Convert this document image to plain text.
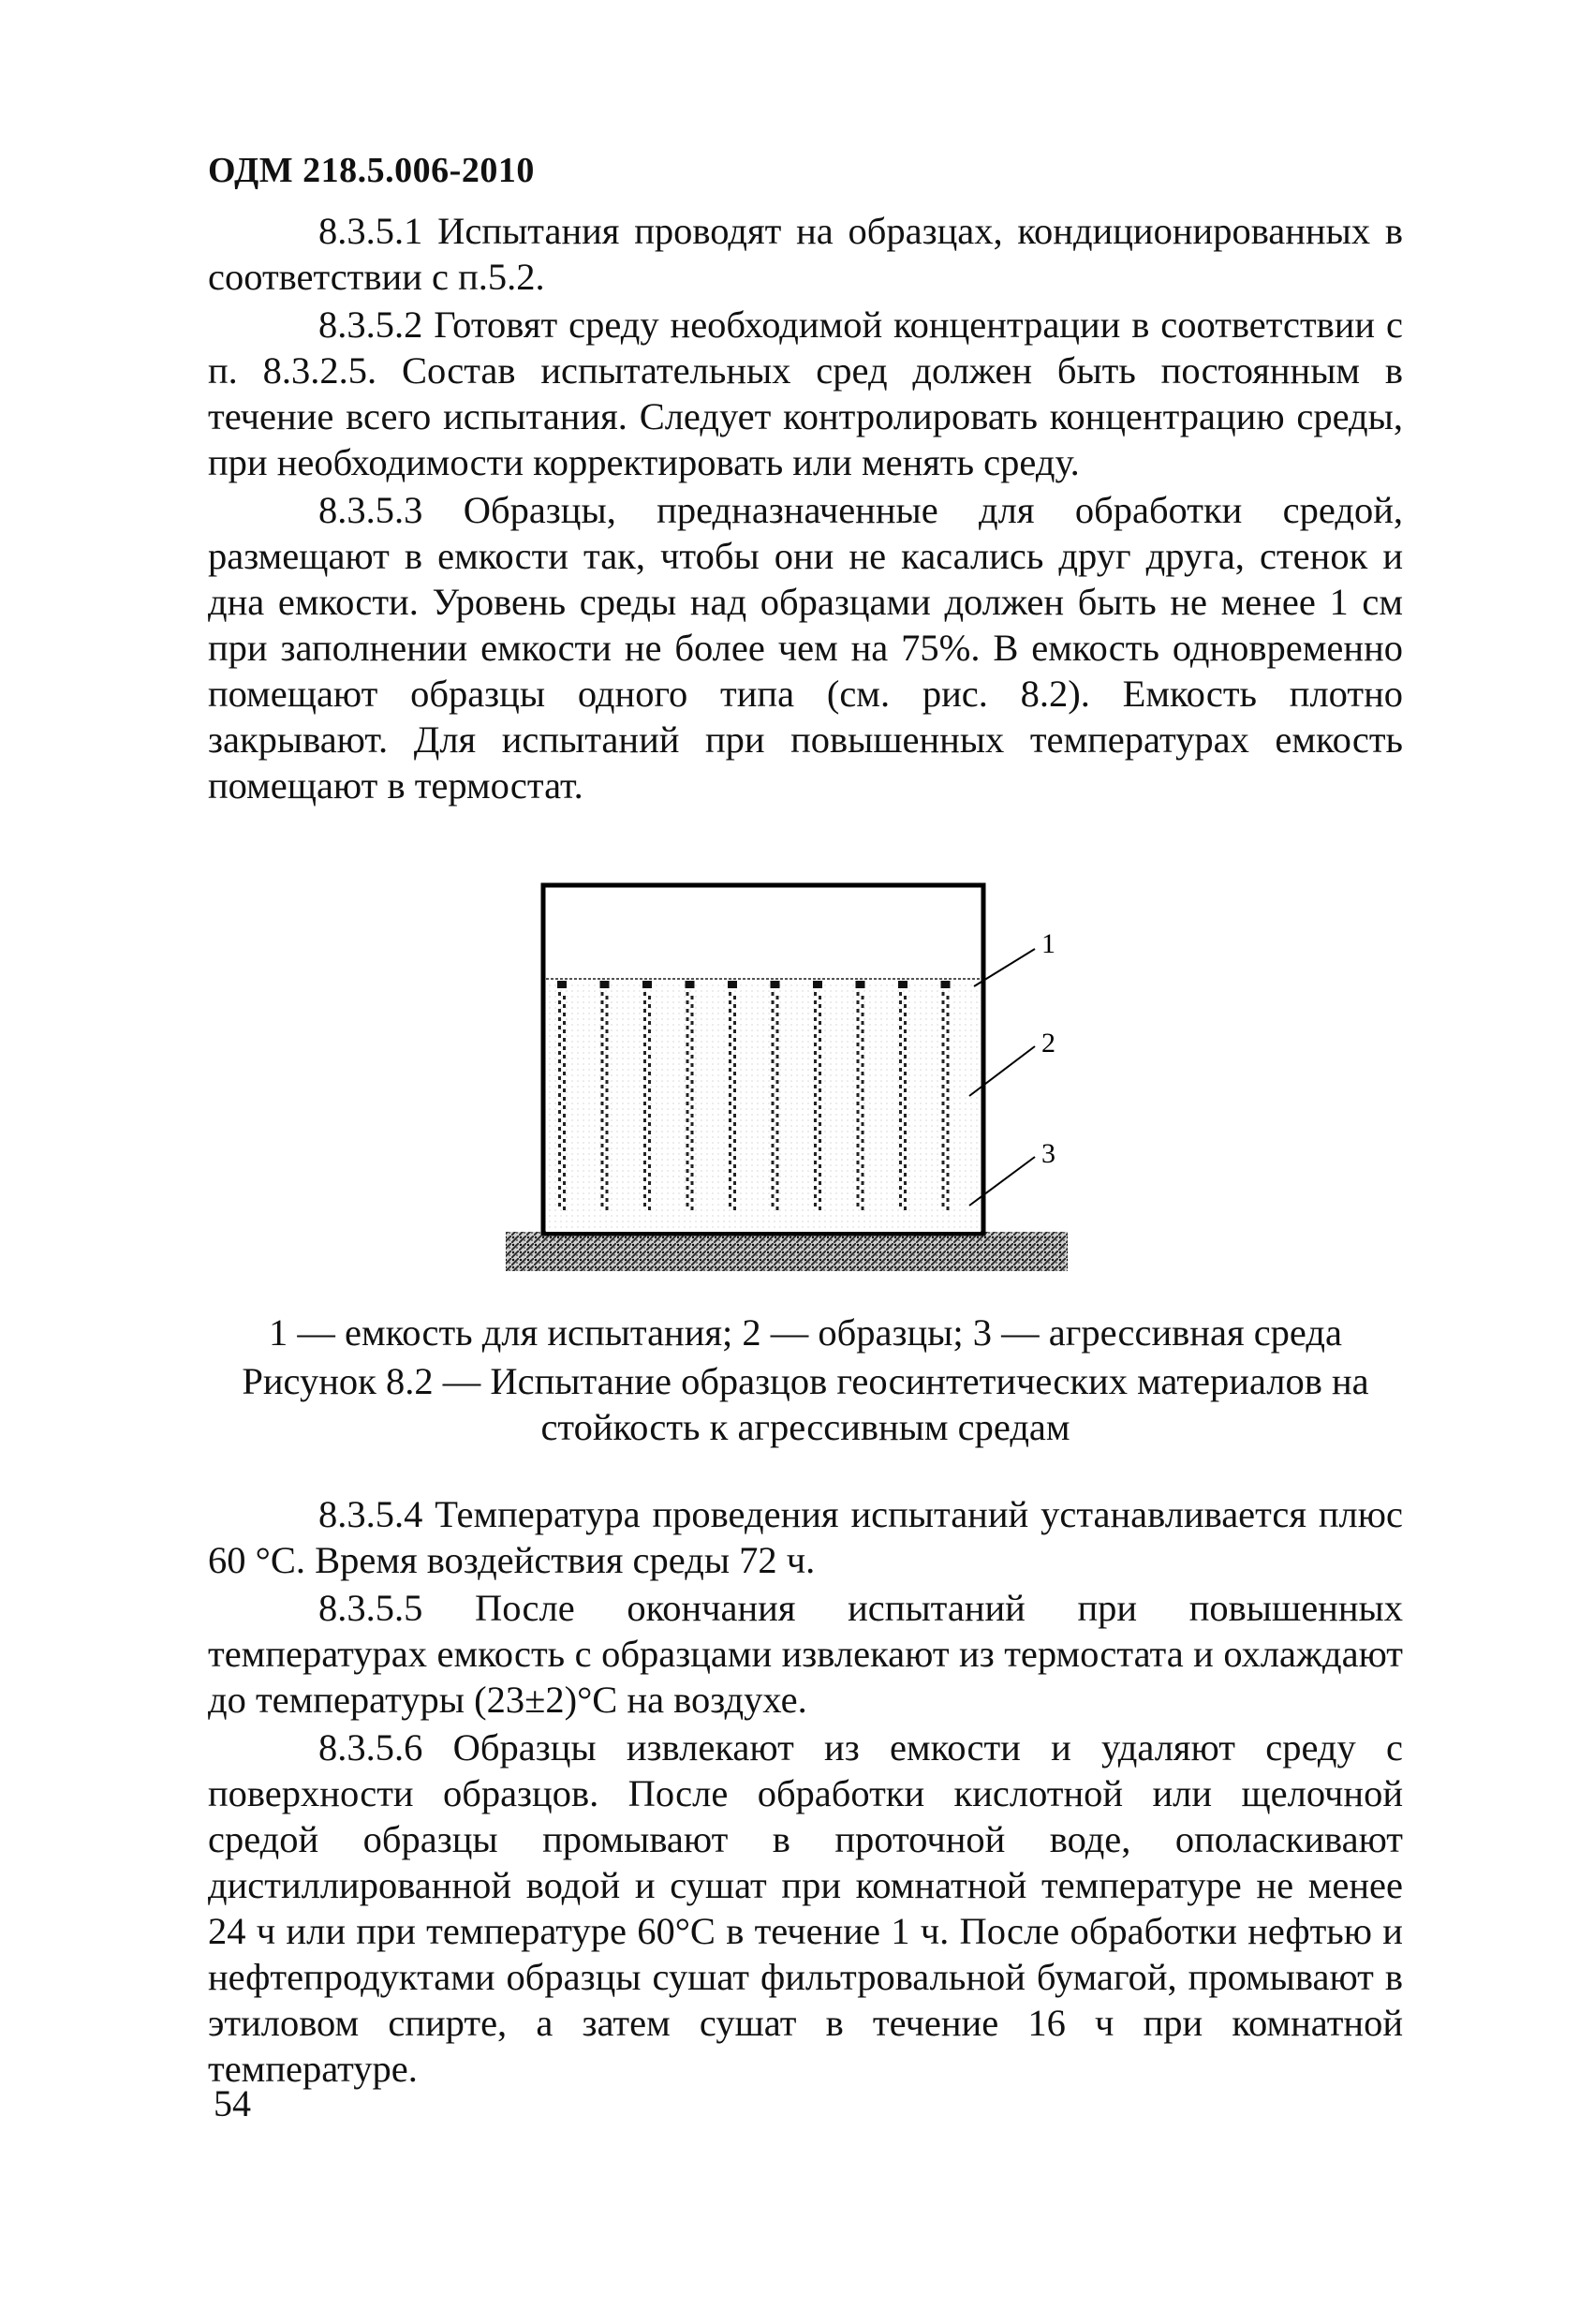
ОДМ 218.5.006-2010

8.3.5.1 Испытания проводят на образцах, кондиционированных в соответствии с п.5.2.

8.3.5.2 Готовят среду необходимой концентрации в соответствии с п. 8.3.2.5. Состав испытательных сред должен быть постоянным в течение всего испытания. Следует контролировать концентрацию среды, при необходимости корректировать или менять среду.

8.3.5.3 Образцы, предназначенные для обработки средой, размещают в емкости так, чтобы они не касались друг друга, стенок и дна емкости. Уровень среды над образцами должен быть не менее 1 см при заполнении емкости не более чем на 75%. В емкость одновременно помещают образцы одного типа (см. рис. 8.2). Емкость плотно закрывают. Для испытаний при повышенных температурах емкость помещают в термостат.

1
2
3
1 — емкость для испытания; 2 — образцы; 3 — агрессивная среда
Рисунок 8.2 — Испытание образцов геосинтетических материалов на стойкость к агрессивным средам

8.3.5.4 Температура проведения испытаний устанавливается плюс 60 °С. Время воздействия среды 72 ч.

8.3.5.5 После окончания испытаний при повышенных температурах емкость с образцами извлекают из термостата и охлаждают до температуры (23±2)°С на воздухе.

8.3.5.6 Образцы извлекают из емкости и удаляют среду с поверхности образцов. После обработки кислотной или щелочной средой образцы промывают в проточной воде, ополаскивают дистиллированной водой и сушат при комнатной температуре не менее 24 ч или при температуре 60°С в течение 1 ч. После обработки нефтью и нефтепродуктами образцы сушат фильтровальной бумагой, промывают в этиловом спирте, а затем сушат в течение 16 ч при комнатной температуре.

54
